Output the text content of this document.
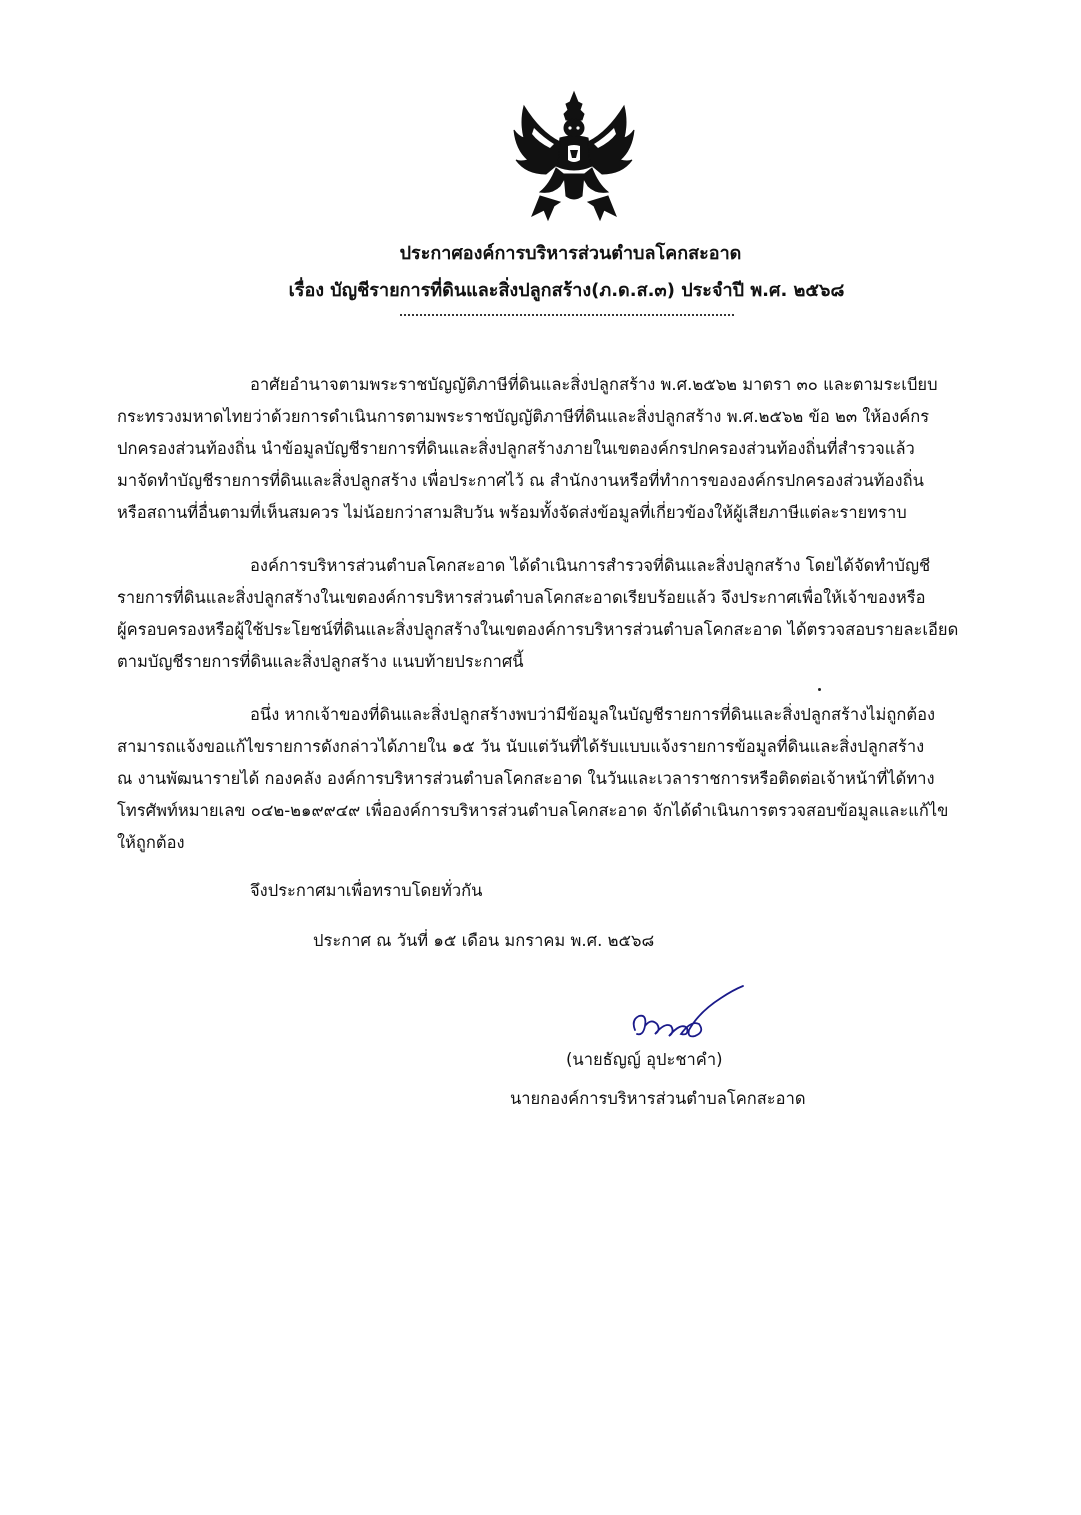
ประกาศองค์การบริหารส่วนตำบลโคกสะอาด
เรื่อง บัญชีรายการที่ดินและสิ่งปลูกสร้าง(ภ.ด.ส.๓) ประจำปี พ.ศ. ๒๕๖๘
อาศัยอำนาจตามพระราชบัญญัติภาษีที่ดินและสิ่งปลูกสร้าง พ.ศ.๒๕๖๒ มาตรา ๓๐ และตามระเบียบ
กระทรวงมหาดไทยว่าด้วยการดำเนินการตามพระราชบัญญัติภาษีที่ดินและสิ่งปลูกสร้าง พ.ศ.๒๕๖๒ ข้อ ๒๓ ให้องค์กร
ปกครองส่วนท้องถิ่น นำข้อมูลบัญชีรายการที่ดินและสิ่งปลูกสร้างภายในเขตองค์กรปกครองส่วนท้องถิ่นที่สำรวจแล้ว
มาจัดทำบัญชีรายการที่ดินและสิ่งปลูกสร้าง เพื่อประกาศไว้ ณ สำนักงานหรือที่ทำการขององค์กรปกครองส่วนท้องถิ่น
หรือสถานที่อื่นตามที่เห็นสมควร ไม่น้อยกว่าสามสิบวัน พร้อมทั้งจัดส่งข้อมูลที่เกี่ยวข้องให้ผู้เสียภาษีแต่ละรายทราบ
องค์การบริหารส่วนตำบลโคกสะอาด ได้ดำเนินการสำรวจที่ดินและสิ่งปลูกสร้าง โดยได้จัดทำบัญชี
รายการที่ดินและสิ่งปลูกสร้างในเขตองค์การบริหารส่วนตำบลโคกสะอาดเรียบร้อยแล้ว จึงประกาศเพื่อให้เจ้าของหรือ
ผู้ครอบครองหรือผู้ใช้ประโยชน์ที่ดินและสิ่งปลูกสร้างในเขตองค์การบริหารส่วนตำบลโคกสะอาด ได้ตรวจสอบรายละเอียด
ตามบัญชีรายการที่ดินและสิ่งปลูกสร้าง แนบท้ายประกาศนี้
อนึ่ง หากเจ้าของที่ดินและสิ่งปลูกสร้างพบว่ามีข้อมูลในบัญชีรายการที่ดินและสิ่งปลูกสร้างไม่ถูกต้อง
สามารถแจ้งขอแก้ไขรายการดังกล่าวได้ภายใน ๑๕ วัน นับแต่วันที่ได้รับแบบแจ้งรายการข้อมูลที่ดินและสิ่งปลูกสร้าง
ณ งานพัฒนารายได้ กองคลัง องค์การบริหารส่วนตำบลโคกสะอาด ในวันและเวลาราชการหรือติดต่อเจ้าหน้าที่ได้ทาง
โทรศัพท์หมายเลข ๐๔๒-๒๑๙๙๔๙ เพื่อองค์การบริหารส่วนตำบลโคกสะอาด จักได้ดำเนินการตรวจสอบข้อมูลและแก้ไข
ให้ถูกต้อง
จึงประกาศมาเพื่อทราบโดยทั่วกัน
ประกาศ ณ วันที่ ๑๕ เดือน มกราคม พ.ศ. ๒๕๖๘
(นายธัญญ์ อุปะชาคำ)
นายกองค์การบริหารส่วนตำบลโคกสะอาด
